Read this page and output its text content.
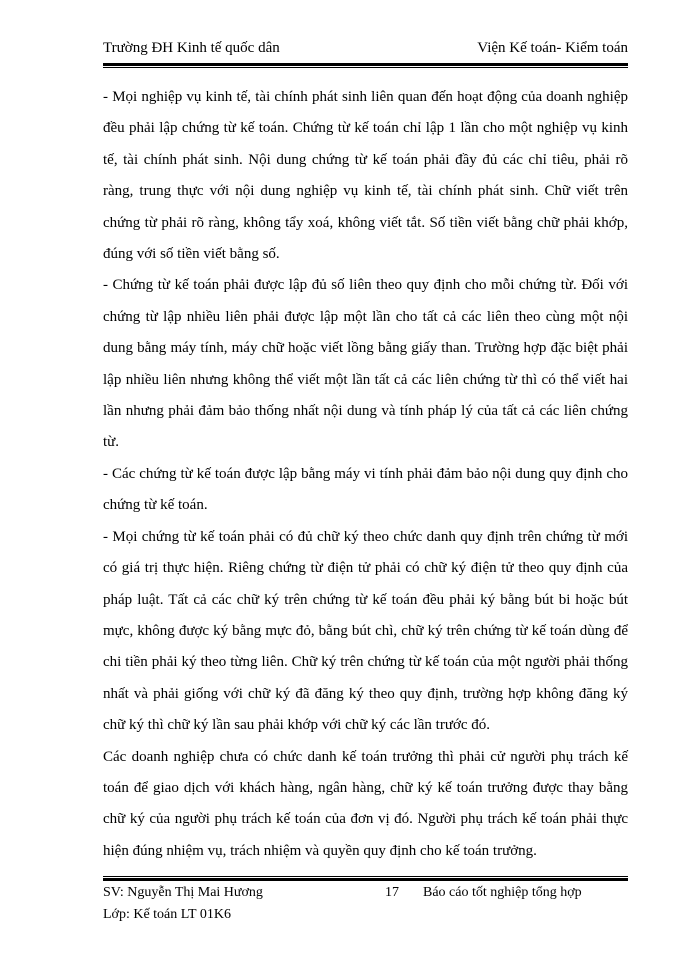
Trường ĐH Kinh tế quốc dân	Viện Kế toán- Kiểm toán

- Mọi nghiệp vụ kinh tế, tài chính phát sinh liên quan đến hoạt động của doanh nghiệp đều phải lập chứng từ kế toán. Chứng từ kế toán chỉ lập 1 lần cho một nghiệp vụ kinh tế, tài chính phát sinh. Nội dung chứng từ kế toán phải đầy đủ các chỉ tiêu, phải rõ ràng, trung thực với nội dung nghiệp vụ kinh tế, tài chính phát sinh. Chữ viết trên chứng từ phải rõ ràng, không tẩy xoá, không viết tắt. Số tiền viết bằng chữ phải khớp, đúng với số tiền viết bằng số.

- Chứng từ kế toán phải được lập đủ số liên theo quy định cho mỗi chứng từ. Đối với chứng từ lập nhiều liên phải được lập một lần cho tất cả các liên theo cùng một nội dung bằng máy tính, máy chữ hoặc viết lồng bằng giấy than. Trường hợp đặc biệt phải lập nhiều liên nhưng không thể viết một lần tất cả các liên chứng từ thì có thể viết hai lần nhưng phải đảm bảo thống nhất nội dung và tính pháp lý của tất cả các liên chứng từ.

- Các chứng từ kế toán được lập bằng máy vi tính phải đảm bảo nội dung quy định cho chứng từ kế toán.

- Mọi chứng từ kế toán phải có đủ chữ ký theo chức danh quy định trên chứng từ mới có giá trị thực hiện. Riêng chứng từ điện tử phải có chữ ký điện tử theo quy định của pháp luật. Tất cả các chữ ký trên chứng từ kế toán đều phải ký bằng bút bi hoặc bút mực, không được ký bằng mực đỏ, bằng bút chì, chữ ký trên chứng từ kế toán dùng để chi tiền phải ký theo từng liên. Chữ ký trên chứng từ kế toán của một người phải thống nhất và phải giống với chữ ký đã đăng ký theo quy định, trường hợp không đăng ký chữ ký thì chữ ký lần sau phải khớp với chữ ký các lần trước đó.

Các doanh nghiệp chưa có chức danh kế toán trưởng thì phải cử người phụ trách kế toán để giao dịch với khách hàng, ngân hàng, chữ ký kế toán trưởng được thay bằng chữ ký của người phụ trách kế toán của đơn vị đó. Người phụ trách kế toán phải thực hiện đúng nhiệm vụ, trách nhiệm và quyền quy định cho kế toán trưởng.

SV: Nguyễn Thị Mai Hương
Lớp: Kế toán LT 01K6
17 Báo cáo tốt nghiệp tổng hợp
